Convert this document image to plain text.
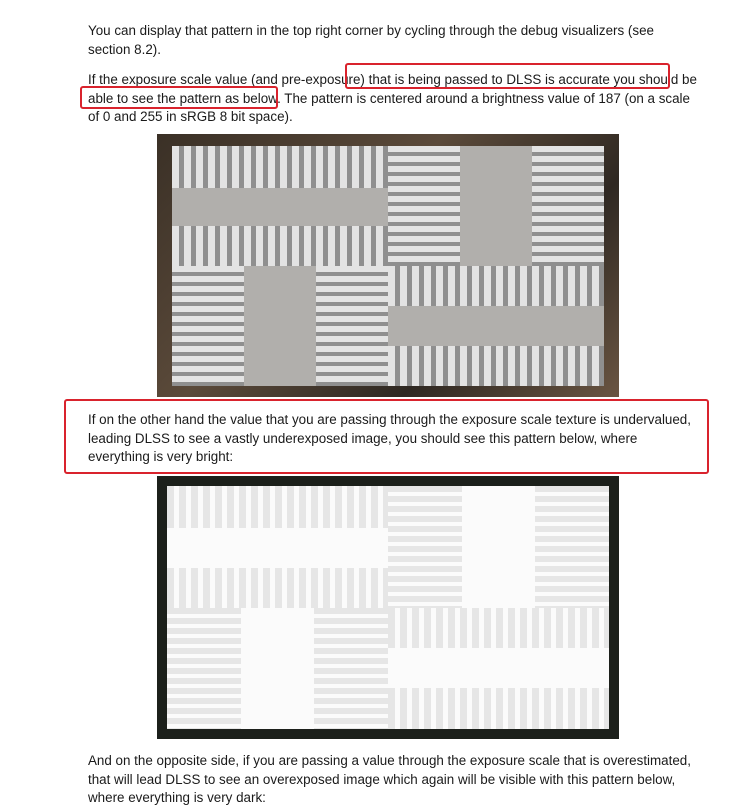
You can display that pattern in the top right corner by cycling through the debug visualizers (see section 8.2).

If the exposure scale value (and pre-exposure) that is being passed to DLSS is accurate you should be able to see the pattern as below. The pattern is centered around a brightness value of 187 (on a scale of 0 and 255 in sRGB 8 bit space).

If on the other hand the value that you are passing through the exposure scale texture is undervalued, leading DLSS to see a vastly underexposed image, you should see this pattern below, where everything is very bright:

And on the opposite side, if you are passing a value through the exposure scale that is overestimated, that will lead DLSS to see an overexposed image which again will be visible with this pattern below, where everything is very dark:
